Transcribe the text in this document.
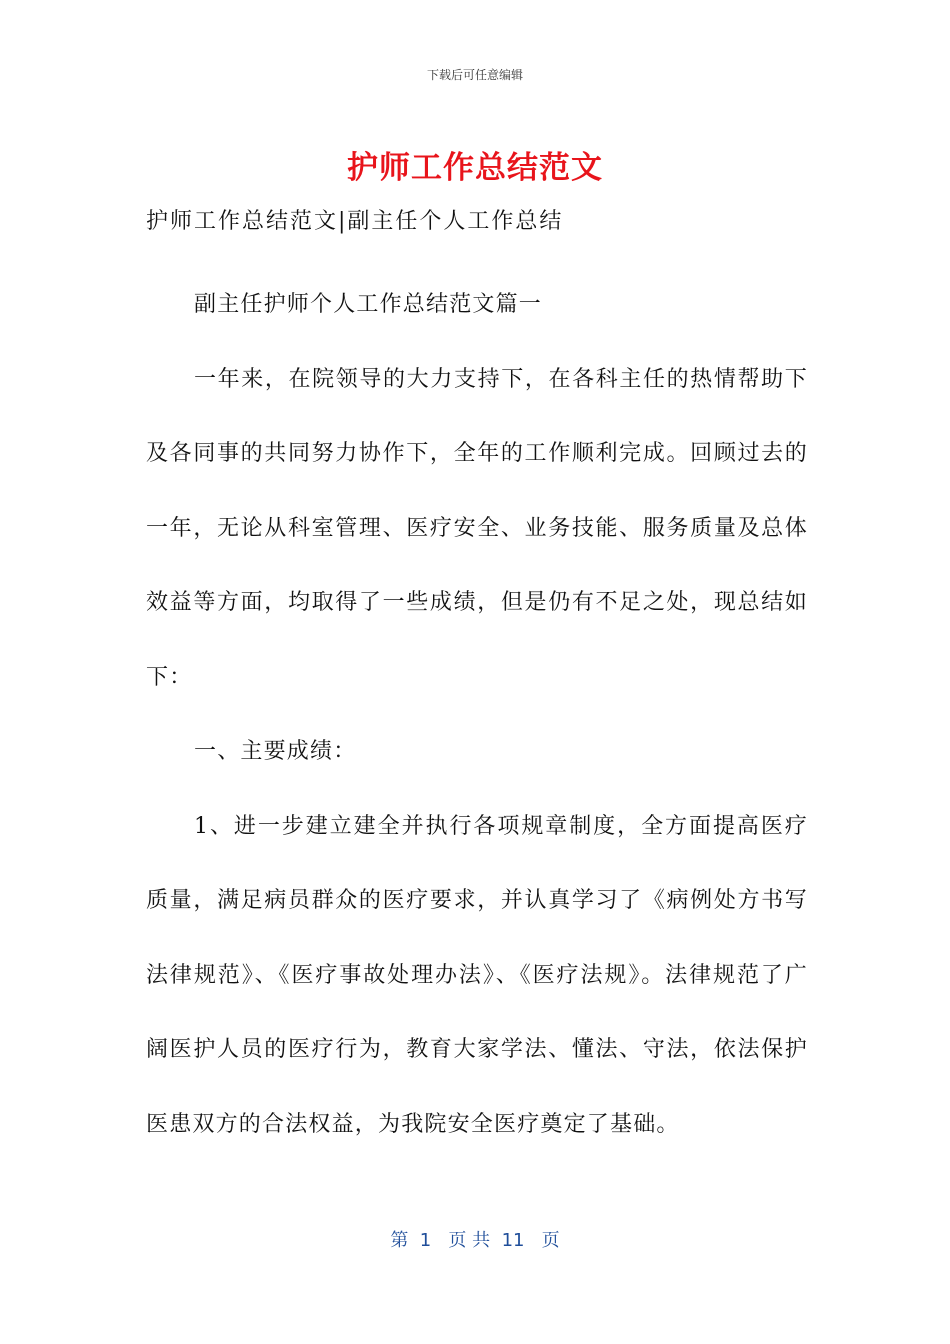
下载后可任意编辑
护师工作总结范文
护师工作总结范文|副主任个人工作总结

副主任护师个人工作总结范文篇一

一年来，在院领导的大力支持下，在各科主任的热情帮助下及各同事的共同努力协作下，全年的工作顺利完成。回顾过去的一年，无论从科室管理、医疗安全、业务技能、服务质量及总体效益等方面，均取得了一些成绩，但是仍有不足之处，现总结如下：

一、主要成绩：

1、进一步建立建全并执行各项规章制度，全方面提高医疗质量，满足病员群众的医疗要求，并认真学习了《病例处方书写法律规范》、《医疗事故处理办法》、《医疗法规》。法律规范了广阔医护人员的医疗行为，教育大家学法、懂法、守法，依法保护医患双方的合法权益，为我院安全医疗奠定了基础。

第  1   页 共  11   页
